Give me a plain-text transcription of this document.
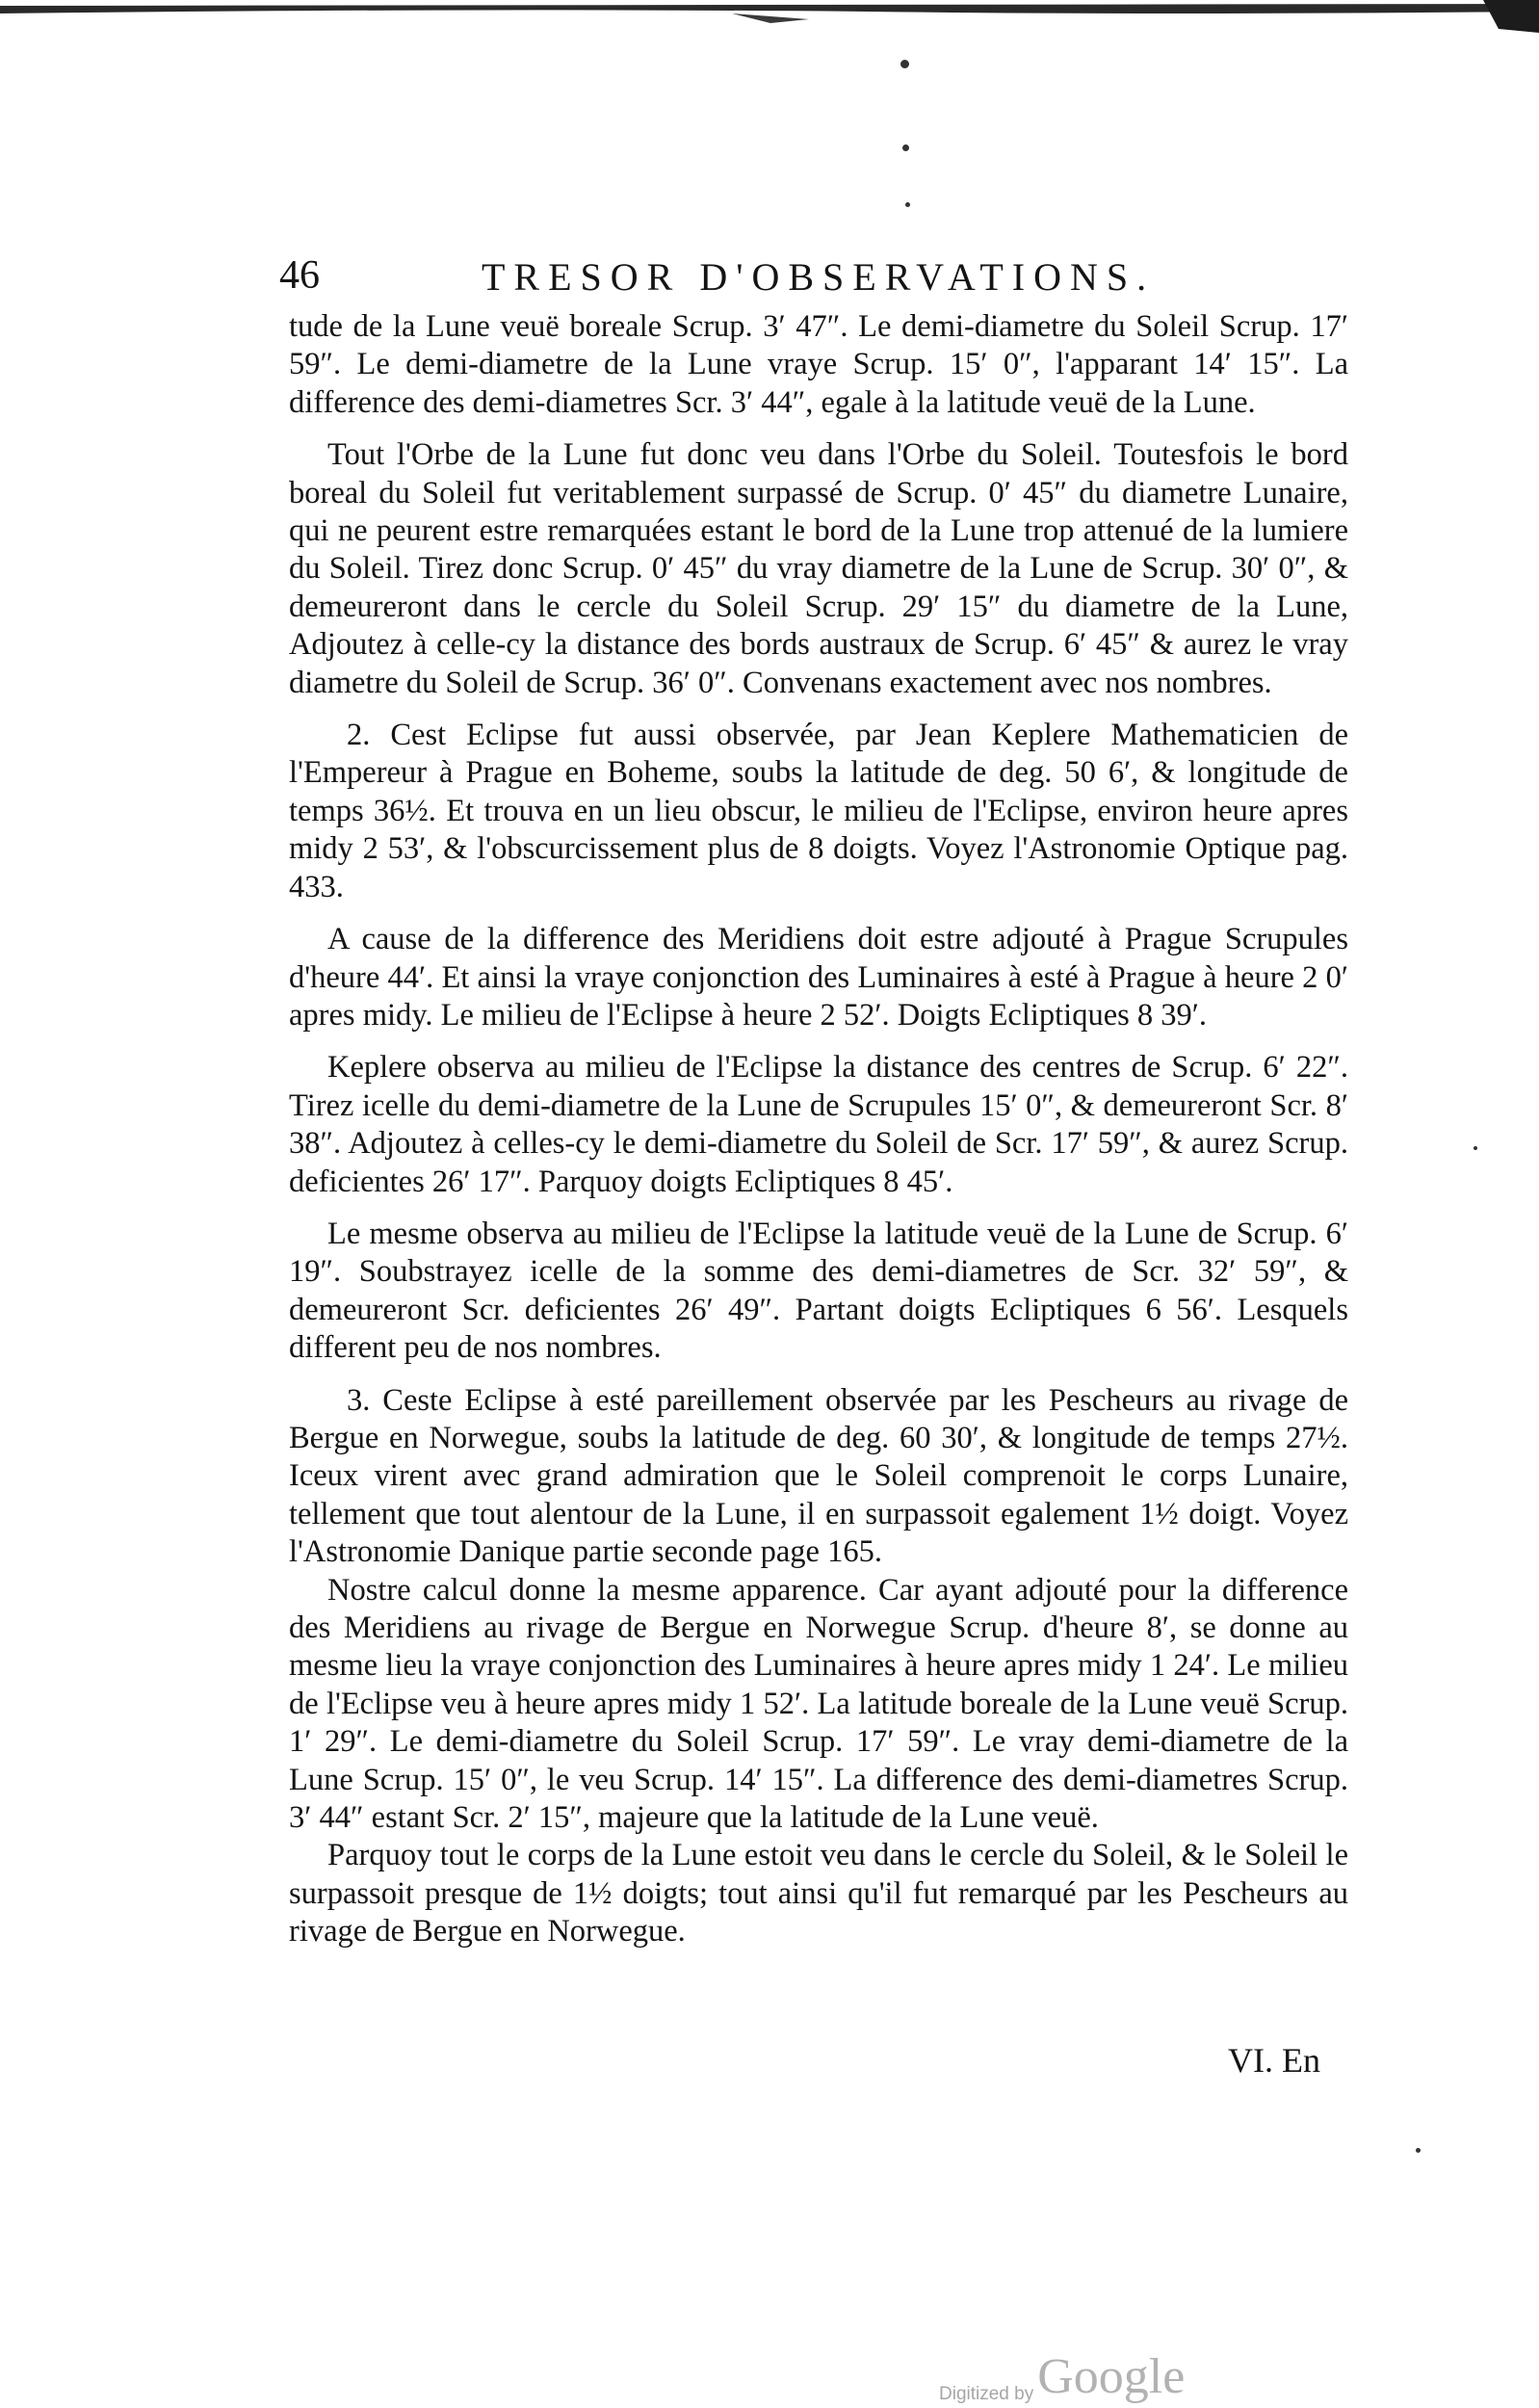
46	TRESOR D'OBSERVATIONS.

tude de la Lune veuë boreale Scrup. 3′ 47″. Le demi-diametre du Soleil Scrup. 17′ 59″. Le demi-diametre de la Lune vraye Scrup. 15′ 0″, l'apparant 14′ 15″. La difference des demi-diametres Scr. 3′ 44″, egale à la latitude veuë de la Lune.

Tout l'Orbe de la Lune fut donc veu dans l'Orbe du Soleil. Toutesfois le bord boreal du Soleil fut veritablement surpassé de Scrup. 0′ 45″ du diametre Lunaire, qui ne peurent estre remarquées estant le bord de la Lune trop attenué de la lumiere du Soleil. Tirez donc Scrup. 0′ 45″ du vray diametre de la Lune de Scrup. 30′ 0″, & demeureront dans le cercle du Soleil Scrup. 29′ 15″ du diametre de la Lune, Adjoutez à celle-cy la distance des bords austraux de Scrup. 6′ 45″ & aurez le vray diametre du Soleil de Scrup. 36′ 0″. Convenans exactement avec nos nombres.

2. Cest Eclipse fut aussi observée, par Jean Keplere Mathematicien de l'Empereur à Prague en Boheme, soubs la latitude de deg. 50 6′, & longitude de temps 36½. Et trouva en un lieu obscur, le milieu de l'Eclipse, environ heure apres midy 2 53′, & l'obscurcissement plus de 8 doigts. Voyez l'Astronomie Optique pag. 433.

A cause de la difference des Meridiens doit estre adjouté à Prague Scrupules d'heure 44′. Et ainsi la vraye conjonction des Luminaires à esté à Prague à heure 2 0′ apres midy. Le milieu de l'Eclipse à heure 2 52′. Doigts Ecliptiques 8 39′.

Keplere observa au milieu de l'Eclipse la distance des centres de Scrup. 6′ 22″. Tirez icelle du demi-diametre de la Lune de Scrupules 15′ 0″, & demeureront Scr. 8′ 38″. Adjoutez à celles-cy le demi-diametre du Soleil de Scr. 17′ 59″, & aurez Scrup. deficientes 26′ 17″. Parquoy doigts Ecliptiques 8 45′.

Le mesme observa au milieu de l'Eclipse la latitude veuë de la Lune de Scrup. 6′ 19″. Soubstrayez icelle de la somme des demi-diametres de Scr. 32′ 59″, & demeureront Scr. deficientes 26′ 49″. Partant doigts Ecliptiques 6 56′. Lesquels different peu de nos nombres.

3. Ceste Eclipse à esté pareillement observée par les Pescheurs au rivage de Bergue en Norwegue, soubs la latitude de deg. 60 30′, & longitude de temps 27½. Iceux virent avec grand admiration que le Soleil comprenoit le corps Lunaire, tellement que tout alentour de la Lune, il en surpassoit egalement 1½ doigt. Voyez l'Astronomie Danique partie seconde page 165.

Nostre calcul donne la mesme apparence. Car ayant adjouté pour la difference des Meridiens au rivage de Bergue en Norwegue Scrup. d'heure 8′, se donne au mesme lieu la vraye conjonction des Luminaires à heure apres midy 1 24′. Le milieu de l'Eclipse veu à heure apres midy 1 52′. La latitude boreale de la Lune veuë Scrup. 1′ 29″. Le demi-diametre du Soleil Scrup. 17′ 59″. Le vray demi-diametre de la Lune Scrup. 15′ 0″, le veu Scrup. 14′ 15″. La difference des demi-diametres Scrup. 3′ 44″ estant Scr. 2′ 15″, majeure que la latitude de la Lune veuë.

Parquoy tout le corps de la Lune estoit veu dans le cercle du Soleil, & le Soleil le surpassoit presque de 1½ doigts; tout ainsi qu'il fut remarqué par les Pescheurs au rivage de Bergue en Norwegue.

VI. En
Digitized byGoogle
